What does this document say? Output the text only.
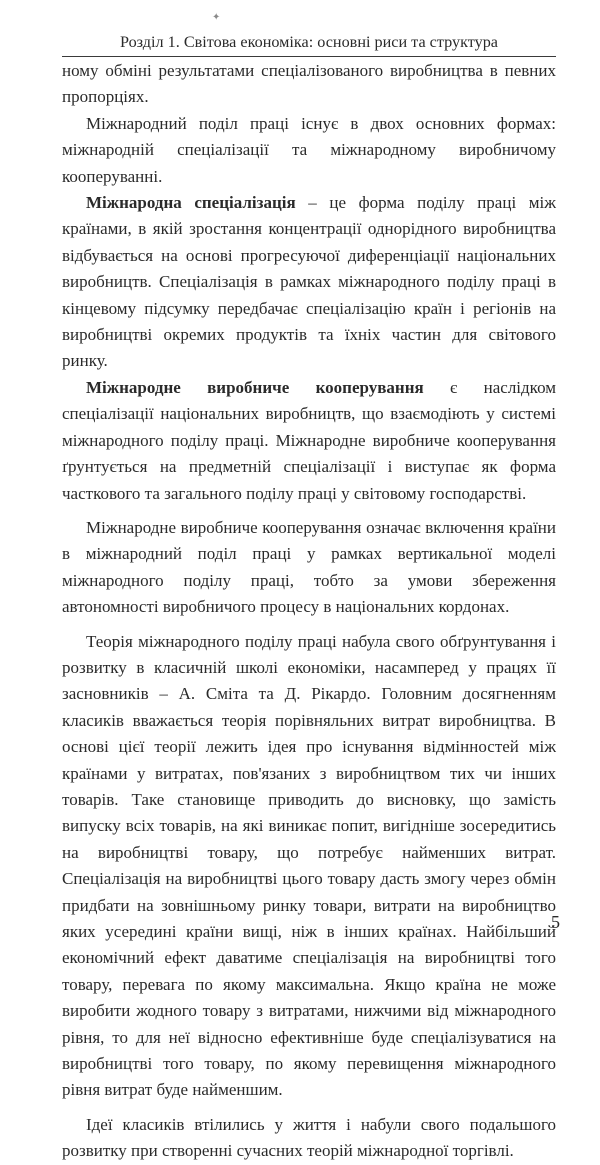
✦
Розділ 1. Світова економіка: основні риси та структура

ному обміні результатами спеціалізованого виробництва в певних пропорціях.

Міжнародний поділ праці існує в двох основних формах: міжнародній спеціалізації та міжнародному виробничому кооперуванні.

Міжнародна спеціалізація – це форма поділу праці між країнами, в якій зростання концентрації однорідного виробництва відбувається на основі прогресуючої диференціації національних виробництв. Спеціалізація в рамках міжнародного поділу праці в кінцевому підсумку передбачає спеціалізацію країн і регіонів на виробництві окремих продуктів та їхніх частин для світового ринку.

Міжнародне виробниче кооперування є наслідком спеціалізації національних виробництв, що взаємодіють у системі міжнародного поділу праці. Міжнародне виробниче кооперування ґрунтується на предметній спеціалізації і виступає як форма часткового та загального поділу праці у світовому господарстві.

Міжнародне виробниче кооперування означає включення країни в міжнародний поділ праці у рамках вертикальної моделі міжнародного поділу праці, тобто за умови збереження автономності виробничого процесу в національних кордонах.

Теорія міжнародного поділу праці набула свого обґрунтування і розвитку в класичній школі економіки, насамперед у працях її засновників – А. Сміта та Д. Рікардо. Головним досягненням класиків вважається теорія порівняльних витрат виробництва. В основі цієї теорії лежить ідея про існування відмінностей між країнами у витратах, пов'язаних з виробництвом тих чи інших товарів. Таке становище приводить до висновку, що замість випуску всіх товарів, на які виникає попит, вигідніше зосередитись на виробництві товару, що потребує найменших витрат. Спеціалізація на виробництві цього товару дасть змогу через обмін придбати на зовнішньому ринку товари, витрати на виробництво яких усередині країни вищі, ніж в інших країнах. Найбільший економічний ефект даватиме спеціалізація на виробництві того товару, перевага по якому максимальна. Якщо країна не може виробити жодного товару з витратами, нижчими від міжнародного рівня, то для неї відносно ефективніше буде спеціалізуватися на виробництві того товару, по якому перевищення міжнародного рівня витрат буде найменшим.

Ідеї класиків втілились у життя і набули свого подальшого розвитку при створенні сучасних теорій міжнародної торгівлі.

5
